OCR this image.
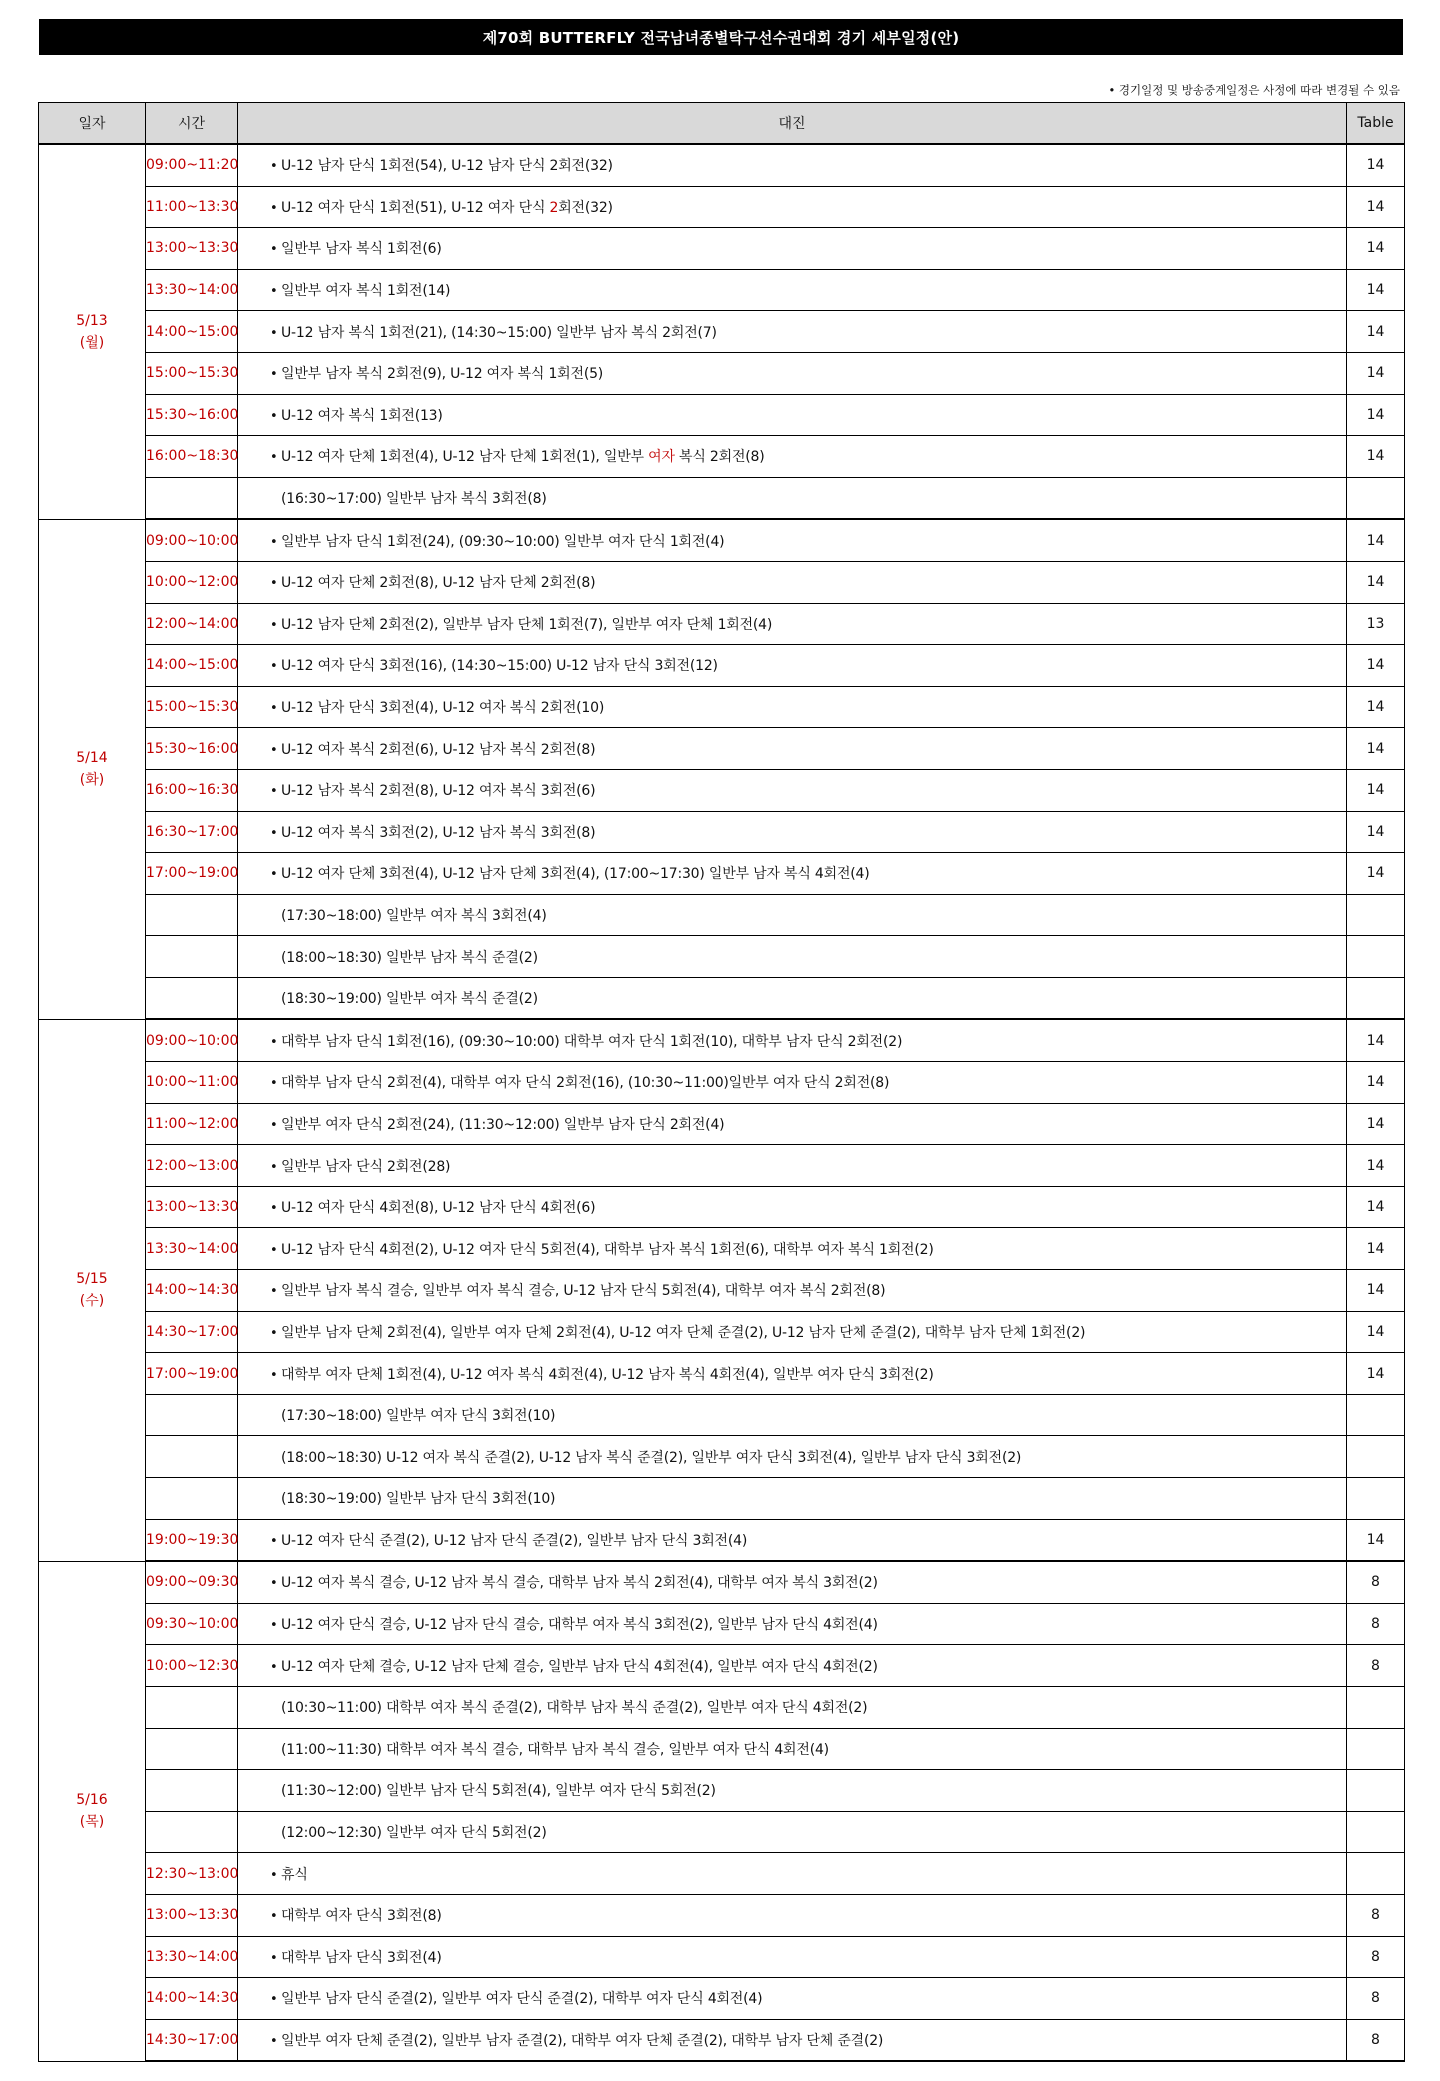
제70회 BUTTERFLY 전국남녀종별탁구선수권대회 경기 세부일정(안)
• 경기일정 및 방송중계일정은 사정에 따라 변경될 수 있음
일자	시간	대진	Table

5/13
(월)	09:00~11:20	• U-12 남자 단식 1회전(54), U-12 남자 단식 2회전(32)	14
	11:00~13:30	• U-12 여자 단식 1회전(51), U-12 여자 단식 2회전(32)	14
	13:00~13:30	• 일반부 남자 복식 1회전(6)	14
	13:30~14:00	• 일반부 여자 복식 1회전(14)	14
	14:00~15:00	• U-12 남자 복식 1회전(21), (14:30~15:00) 일반부 남자 복식 2회전(7)	14
	15:00~15:30	• 일반부 남자 복식 2회전(9), U-12 여자 복식 1회전(5)	14
	15:30~16:00	• U-12 여자 복식 1회전(13)	14
	16:00~18:30	• U-12 여자 단체 1회전(4), U-12 남자 단체 1회전(1), 일반부 여자 복식 2회전(8)	14
		(16:30~17:00) 일반부 남자 복식 3회전(8)	

5/14
(화)	09:00~10:00	• 일반부 남자 단식 1회전(24), (09:30~10:00) 일반부 여자 단식 1회전(4)	14
	10:00~12:00	• U-12 여자 단체 2회전(8), U-12 남자 단체 2회전(8)	14
	12:00~14:00	• U-12 남자 단체 2회전(2), 일반부 남자 단체 1회전(7), 일반부 여자 단체 1회전(4)	13
	14:00~15:00	• U-12 여자 단식 3회전(16), (14:30~15:00) U-12 남자 단식 3회전(12)	14
	15:00~15:30	• U-12 남자 단식 3회전(4), U-12 여자 복식 2회전(10)	14
	15:30~16:00	• U-12 여자 복식 2회전(6), U-12 남자 복식 2회전(8)	14
	16:00~16:30	• U-12 남자 복식 2회전(8), U-12 여자 복식 3회전(6)	14
	16:30~17:00	• U-12 여자 복식 3회전(2), U-12 남자 복식 3회전(8)	14
	17:00~19:00	• U-12 여자 단체 3회전(4), U-12 남자 단체 3회전(4), (17:00~17:30) 일반부 남자 복식 4회전(4)	14
		(17:30~18:00) 일반부 여자 복식 3회전(4)	
		(18:00~18:30) 일반부 남자 복식 준결(2)	
		(18:30~19:00) 일반부 여자 복식 준결(2)	

5/15
(수)	09:00~10:00	• 대학부 남자 단식 1회전(16), (09:30~10:00) 대학부 여자 단식 1회전(10), 대학부 남자 단식 2회전(2)	14
	10:00~11:00	• 대학부 남자 단식 2회전(4), 대학부 여자 단식 2회전(16), (10:30~11:00)일반부 여자 단식 2회전(8)	14
	11:00~12:00	• 일반부 여자 단식 2회전(24), (11:30~12:00) 일반부 남자 단식 2회전(4)	14
	12:00~13:00	• 일반부 남자 단식 2회전(28)	14
	13:00~13:30	• U-12 여자 단식 4회전(8), U-12 남자 단식 4회전(6)	14
	13:30~14:00	• U-12 남자 단식 4회전(2), U-12 여자 단식 5회전(4), 대학부 남자 복식 1회전(6), 대학부 여자 복식 1회전(2)	14
	14:00~14:30	• 일반부 남자 복식 결승, 일반부 여자 복식 결승, U-12 남자 단식 5회전(4), 대학부 여자 복식 2회전(8)	14
	14:30~17:00	• 일반부 남자 단체 2회전(4), 일반부 여자 단체 2회전(4), U-12 여자 단체 준결(2), U-12 남자 단체 준결(2), 대학부 남자 단체 1회전(2)	14
	17:00~19:00	• 대학부 여자 단체 1회전(4), U-12 여자 복식 4회전(4), U-12 남자 복식 4회전(4), 일반부 여자 단식 3회전(2)	14
		(17:30~18:00) 일반부 여자 단식 3회전(10)	
		(18:00~18:30) U-12 여자 복식 준결(2), U-12 남자 복식 준결(2), 일반부 여자 단식 3회전(4), 일반부 남자 단식 3회전(2)	
		(18:30~19:00) 일반부 남자 단식 3회전(10)	
	19:00~19:30	• U-12 여자 단식 준결(2), U-12 남자 단식 준결(2), 일반부 남자 단식 3회전(4)	14

5/16
(목)	09:00~09:30	• U-12 여자 복식 결승, U-12 남자 복식 결승, 대학부 남자 복식 2회전(4), 대학부 여자 복식 3회전(2)	8
	09:30~10:00	• U-12 여자 단식 결승, U-12 남자 단식 결승, 대학부 여자 복식 3회전(2), 일반부 남자 단식 4회전(4)	8
	10:00~12:30	• U-12 여자 단체 결승, U-12 남자 단체 결승, 일반부 남자 단식 4회전(4), 일반부 여자 단식 4회전(2)	8
		(10:30~11:00) 대학부 여자 복식 준결(2), 대학부 남자 복식 준결(2), 일반부 여자 단식 4회전(2)	
		(11:00~11:30) 대학부 여자 복식 결승, 대학부 남자 복식 결승, 일반부 여자 단식 4회전(4)	
		(11:30~12:00) 일반부 남자 단식 5회전(4), 일반부 여자 단식 5회전(2)	
		(12:00~12:30) 일반부 여자 단식 5회전(2)	
	12:30~13:00	• 휴식	
	13:00~13:30	• 대학부 여자 단식 3회전(8)	8
	13:30~14:00	• 대학부 남자 단식 3회전(4)	8
	14:00~14:30	• 일반부 남자 단식 준결(2), 일반부 여자 단식 준결(2), 대학부 여자 단식 4회전(4)	8
	14:30~17:00	• 일반부 여자 단체 준결(2), 일반부 남자 준결(2), 대학부 여자 단체 준결(2), 대학부 남자 단체 준결(2)	8
